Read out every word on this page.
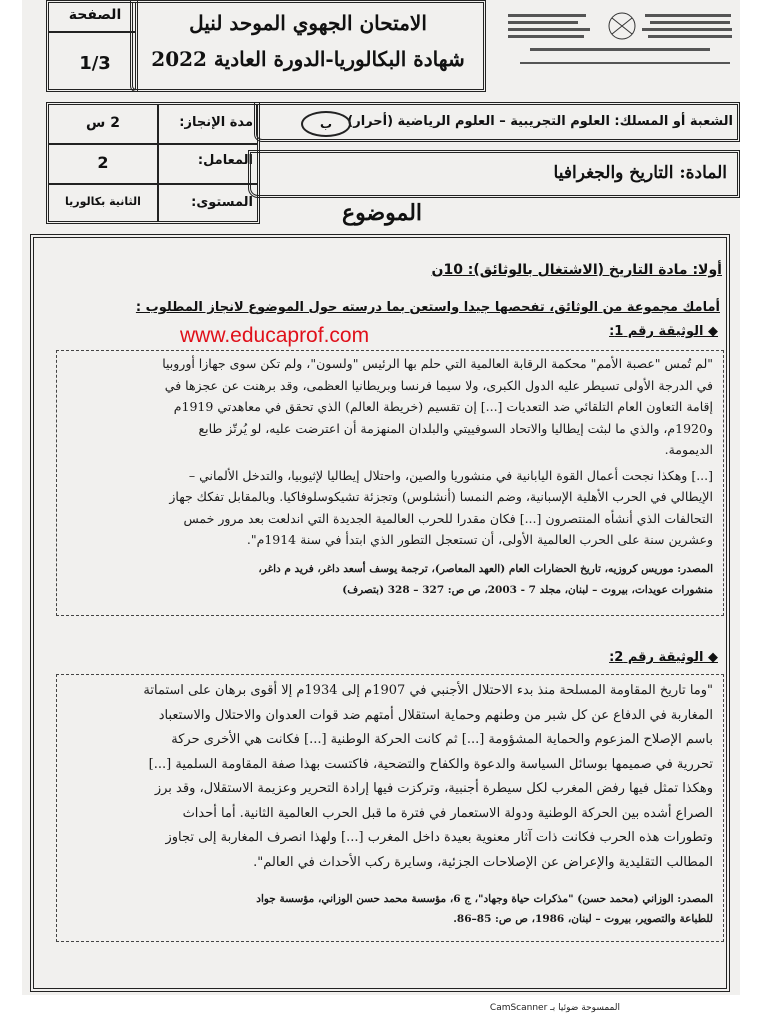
الصفحة
1/3
الامتحان الجهوي الموحد لنيل
شهادة البكالوريا-الدورة العادية 2022
مدة الإنجاز:
2 س
المعامل:
2
المستوى:
الثانية بكالوريا
الشعبة أو المسلك: العلوم التجريبية – العلوم الرياضية (أحرار)
ب
المادة: التاريخ والجغرافيا
الموضوع
أولا: مادة التاريخ (الاشتغال بالوثائق): 10ن
أمامك مجموعة من الوثائق، تفحصها جيدا واستعن بما درسته حول الموضوع لانجاز المطلوب :
www.educaprof.com	◆ الوثيقة رقم 1:
"لم تُمس "عصبة الأمم" محكمة الرقابة العالمية التي حلم بها الرئيس "ولسون"، ولم تكن سوى جهازا أوروبيا
في الدرجة الأولى تسيطر عليه الدول الكبرى، ولا سيما فرنسا وبريطانيا العظمى، وقد برهنت عن عجزها في
إقامة التعاون العام التلقائي ضد التعديات [...] إن تقسيم (خريطة العالم) الذي تحقق في معاهدتي 1919م
و1920م، والذي ما لبثت إيطاليا والاتحاد السوفييتي والبلدان المنهزمة أن اعترضت عليه، لو يُرتّز طابع
الديمومة.
[...] وهكذا نجحت أعمال القوة اليابانية في منشوريا والصين، واحتلال إيطاليا لإثيوبيا، والتدخل الألماني –
الإيطالي في الحرب الأهلية الإسبانية، وضم النمسا (أنشلوس) وتجزئة تشيكوسلوفاكيا. وبالمقابل تفكك جهاز
التحالفات الذي أنشأه المنتصرون [...] فكان مقدرا للحرب العالمية الجديدة التي اندلعت بعد مرور خمس
وعشرين سنة على الحرب العالمية الأولى، أن تستعجل التطور الذي ابتدأ في سنة 1914م".
المصدر: موريس كروزيه، تاريخ الحضارات العام (العهد المعاصر)، ترجمة يوسف أسعد داغر، فريد م داغر،
منشورات عويدات، بيروت – لبنان، مجلد 7 - 2003، ص ص: 327 – 328 (بتصرف)
◆ الوثيقة رقم 2:
"وما تاريخ المقاومة المسلحة منذ بدء الاحتلال الأجنبي في 1907م إلى 1934م إلا أقوى برهان على استماتة
المغاربة في الدفاع عن كل شبر من وطنهم وحماية استقلال أمتهم ضد قوات العدوان والاحتلال والاستعباد
باسم الإصلاح المزعوم والحماية المشؤومة [...] ثم كانت الحركة الوطنية [...] فكانت هي الأخرى حركة
تحررية في صميمها بوسائل السياسة والدعوة والكفاح والتضحية، فاكتست بهذا صفة المقاومة السلمية [...]
وهكذا تمثل فيها رفض المغرب لكل سيطرة أجنبية، وتركزت فيها إرادة التحرير وعزيمة الاستقلال، وقد برز
الصراع أشده بين الحركة الوطنية ودولة الاستعمار في فترة ما قبل الحرب العالمية الثانية. أما أحداث
وتطورات هذه الحرب فكانت ذات آثار معنوية بعيدة داخل المغرب [...] ولهذا انصرف المغاربة إلى تجاوز
المطالب التقليدية والإعراض عن الإصلاحات الجزئية، وسايرة ركب الأحداث في العالم".
المصدر: الوزاني (محمد حسن) "مذكرات حياة وجهاد"، ج 6، مؤسسة محمد حسن الوزاني، مؤسسة جواد
للطباعة والتصوير، بيروت – لبنان، 1986، ص ص: 85–86.
الممسوحة ضوئيا بـ CamScanner
